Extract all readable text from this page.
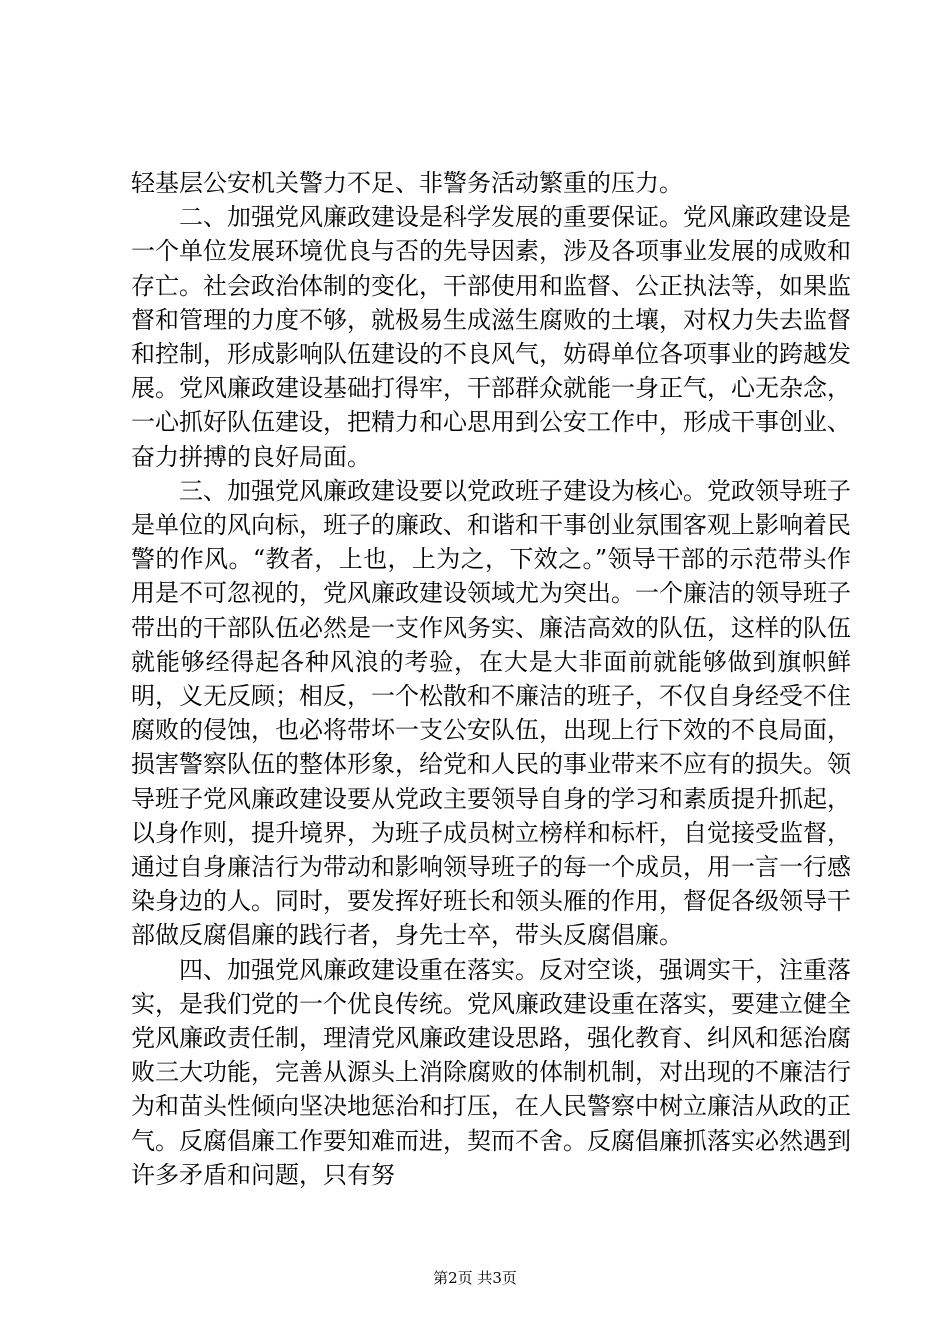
轻基层公安机关警力不足、非警务活动繁重的压力。

二、加强党风廉政建设是科学发展的重要保证。党风廉政建设是一个单位发展环境优良与否的先导因素，涉及各项事业发展的成败和存亡。社会政治体制的变化，干部使用和监督、公正执法等，如果监督和管理的力度不够，就极易生成滋生腐败的土壤，对权力失去监督和控制，形成影响队伍建设的不良风气，妨碍单位各项事业的跨越发展。党风廉政建设基础打得牢，干部群众就能一身正气，心无杂念，一心抓好队伍建设，把精力和心思用到公安工作中，形成干事创业、奋力拼搏的良好局面。

三、加强党风廉政建设要以党政班子建设为核心。党政领导班子是单位的风向标，班子的廉政、和谐和干事创业氛围客观上影响着民警的作风。“教者，上也，上为之，下效之。”领导干部的示范带头作用是不可忽视的，党风廉政建设领域尤为突出。一个廉洁的领导班子带出的干部队伍必然是一支作风务实、廉洁高效的队伍，这样的队伍就能够经得起各种风浪的考验，在大是大非面前就能够做到旗帜鲜明，义无反顾；相反，一个松散和不廉洁的班子，不仅自身经受不住腐败的侵蚀，也必将带坏一支公安队伍，出现上行下效的不良局面，损害警察队伍的整体形象，给党和人民的事业带来不应有的损失。领导班子党风廉政建设要从党政主要领导自身的学习和素质提升抓起，以身作则，提升境界，为班子成员树立榜样和标杆，自觉接受监督，通过自身廉洁行为带动和影响领导班子的每一个成员，用一言一行感染身边的人。同时，要发挥好班长和领头雁的作用，督促各级领导干部做反腐倡廉的践行者，身先士卒，带头反腐倡廉。

四、加强党风廉政建设重在落实。反对空谈，强调实干，注重落实，是我们党的一个优良传统。党风廉政建设重在落实，要建立健全党风廉政责任制，理清党风廉政建设思路，强化教育、纠风和惩治腐败三大功能，完善从源头上消除腐败的体制机制，对出现的不廉洁行为和苗头性倾向坚决地惩治和打压，在人民警察中树立廉洁从政的正气。反腐倡廉工作要知难而进，契而不舍。反腐倡廉抓落实必然遇到许多矛盾和问题，只有努

第2页 共3页
